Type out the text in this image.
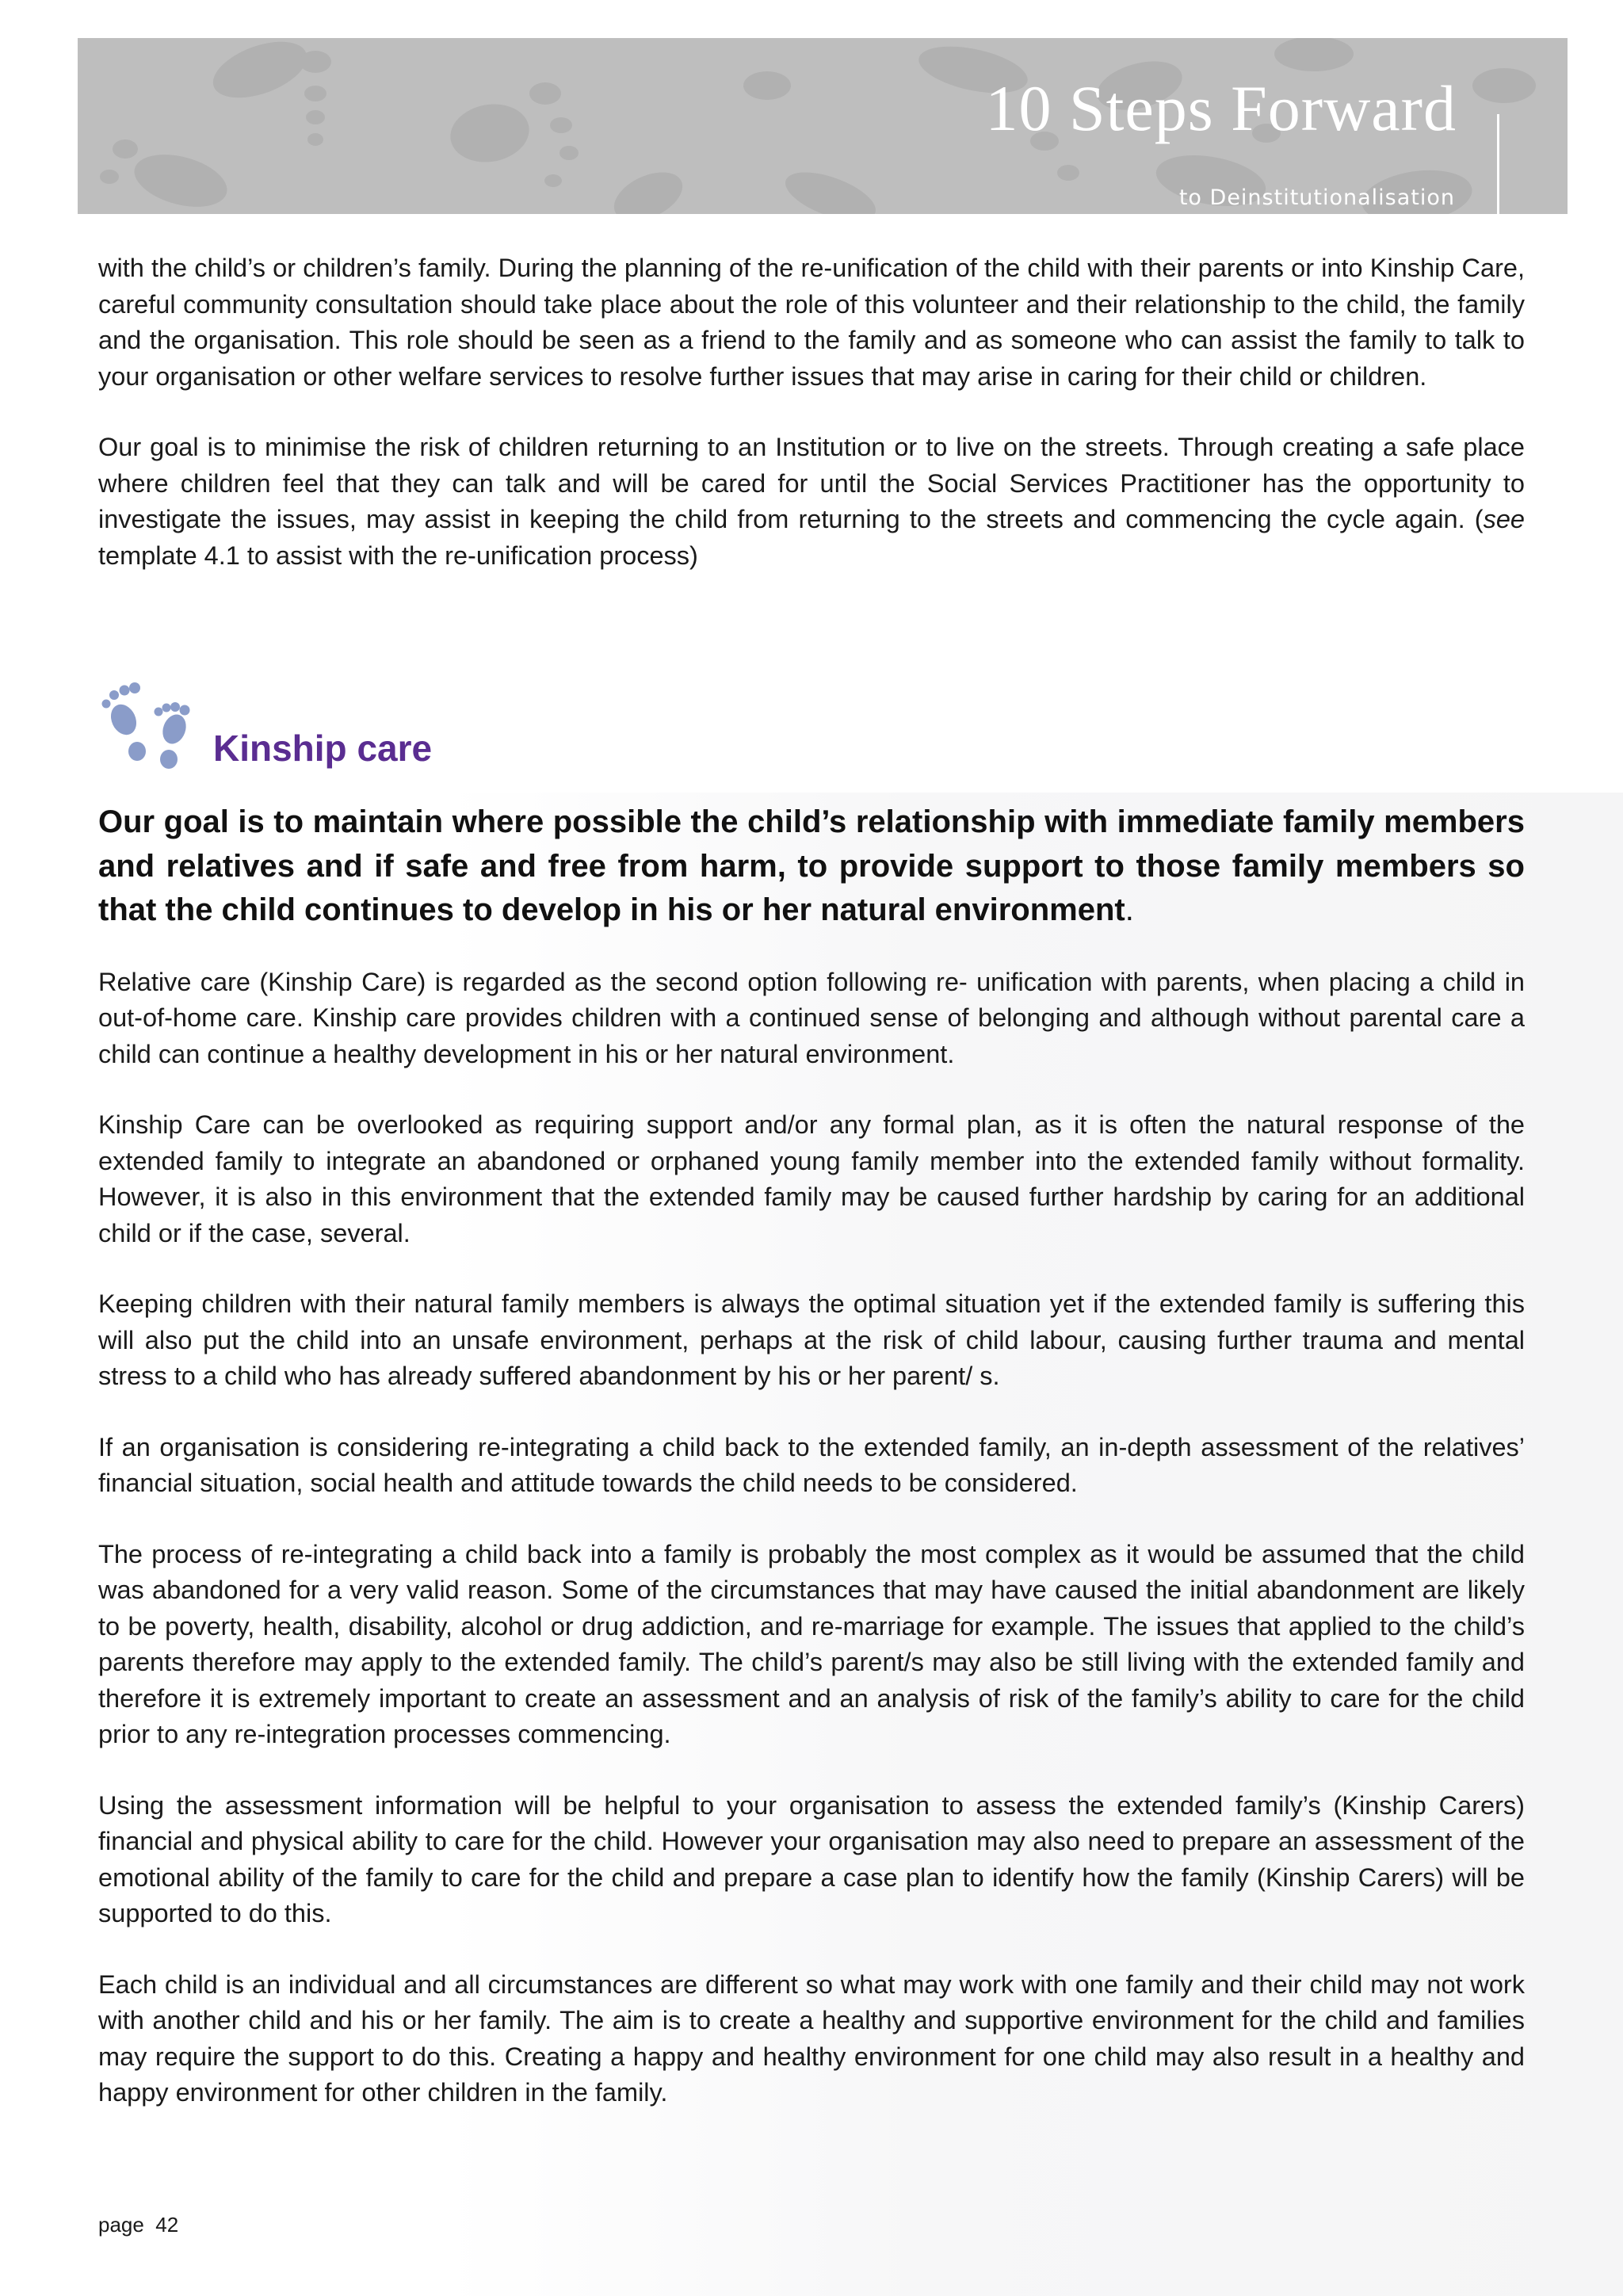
10 Steps Forward
to Deinstitutionalisation

with the child’s or children’s family. During the planning of the re-unification of the child with their parents or into Kinship Care, careful community consultation should take place about the role of this volunteer and their relationship to the child, the family and the organisation. This role should be seen as a friend to the family and as someone who can assist the family to talk to your organisation or other welfare services to resolve further issues that may arise in caring for their child or children.

Our goal is to minimise the risk of children returning to an Institution or to live on the streets. Through creating a safe place where children feel that they can talk and will be cared for until the Social Services Practitioner has the opportunity to investigate the issues, may assist in keeping the child from returning to the streets and commencing the cycle again. (see template 4.1 to assist with the re-unification process)

Kinship care

Our goal is to maintain where possible the child’s relationship with immediate family members and relatives and if safe and free from harm, to provide support to those family members so that the child continues to develop in his or her natural environment.

Relative care (Kinship Care) is regarded as the second option following re- unification with parents, when placing a child in out-of-home care. Kinship care provides children with a continued sense of belonging and although without parental care a child can continue a healthy development in his or her natural environment.

Kinship Care can be overlooked as requiring support and/or any formal plan, as it is often the natural response of the extended family to integrate an abandoned or orphaned young family member into the extended family without formality. However, it is also in this environment that the extended family may be caused further hardship by caring for an additional child or if the case, several.

Keeping children with their natural family members is always the optimal situation yet if the extended family is suffering this will also put the child into an unsafe environment, perhaps at the risk of child labour, causing further trauma and mental stress to a child who has already suffered abandonment by his or her parent/ s.

If an organisation is considering re-integrating a child back to the extended family, an in-depth assessment of the relatives’ financial situation, social health and attitude towards the child needs to be considered.

The process of re-integrating a child back into a family is probably the most complex as it would be assumed that the child was abandoned for a very valid reason. Some of the circumstances that may have caused the initial abandonment are likely to be poverty, health, disability, alcohol or drug addiction, and re-marriage for example. The issues that applied to the child’s parents therefore may apply to the extended family. The child’s parent/s may also be still living with the extended family and therefore it is extremely important to create an assessment and an analysis of risk of the family’s ability to care for the child prior to any re-integration processes commencing.

Using the assessment information will be helpful to your organisation to assess the extended family’s (Kinship Carers) financial and physical ability to care for the child. However your organisation may also need to prepare an assessment of the emotional ability of the family to care for the child and prepare a case plan to identify how the family (Kinship Carers) will be supported to do this.

Each child is an individual and all circumstances are different so what may work with one family and their child may not work with another child and his or her family. The aim is to create a healthy and supportive environment for the child and families may require the support to do this. Creating a happy and healthy environment for one child may also result in a healthy and happy environment for other children in the family.

page  42
